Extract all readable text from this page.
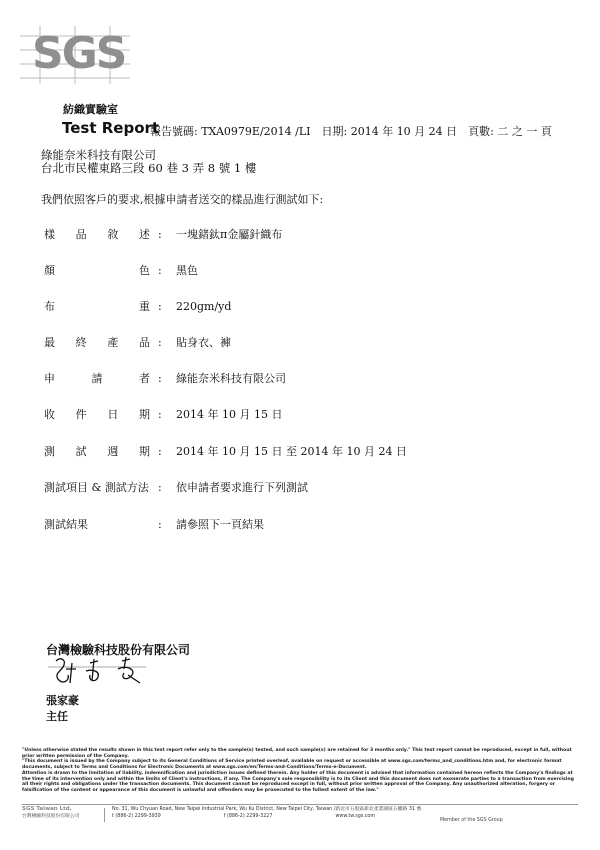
SGS
紡織實驗室
Test Report
報告號碼: TXA0979E/2014 /LI　日期: 2014 年 10 月 24 日　頁數: 二 之 一 頁
綠能奈米科技有限公司
台北市民權東路三段 60 巷 3 弄 8 號 1 樓
我們依照客戶的要求,根據申請者送交的樣品進行測試如下:
樣 品 敘 述 : 一塊鍺鈦π金屬針織布
顏	色 : 黑色
布	重 : 220gm/yd
最 終 產 品 : 貼身衣、褲
申	請	者 : 綠能奈米科技有限公司
收 件 日 期 : 2014 年 10 月 15 日
測 試 週 期 : 2014 年 10 月 15 日 至 2014 年 10 月 24 日
測試項目 & 測試方法 : 依申請者要求進行下列測試
測試結果	: 請參照下一頁結果
台灣檢驗科技股份有限公司
張家豪
主任

"Unless otherwise stated the results shown in this test report refer only to the sample(s) tested, and such sample(s) are retained for 3 months only." This test report cannot be reproduced, except in full, without prior written permission of the Company.

"This document is issued by the Company subject to its General Conditions of Service printed overleaf, available on request or accessible at www.sgs.com/terms_and_conditions.htm and, for electronic format documents, subject to Terms and Conditions for Electronic Documents at www.sgs.com/en/Terms-and-Conditions/Terms-e-Document.

Attention is drawn to the limitation of liability, indemnification and jurisdiction issues defined therein. Any holder of this document is advised that information contained hereon reflects the Company's findings at the time of its intervention only and within the limits of Client's instructions, if any. The Company's sole responsibility is to its Client and this document does not exonerate parties to a transaction from exercising all their rights and obligations under the transaction documents. This document cannot be reproduced except in full, without prior written approval of the Company. Any unauthorized alteration, forgery or falsification of the content or appearance of this document is unlawful and offenders may be prosecuted to the fullest extent of the law."

SGS Taiwan Ltd.
台灣檢驗科技股份有限公司
No. 31, Wu Chyuan Road, New Taipei Industrial Park, Wu Ku District, New Taipei City, Taiwan /新北市五股區新北產業園區五權路 31 號
t (886-2) 2299-3939	f (886-2) 2299-3227	www.tw.sgs.com
Member of the SGS Group
